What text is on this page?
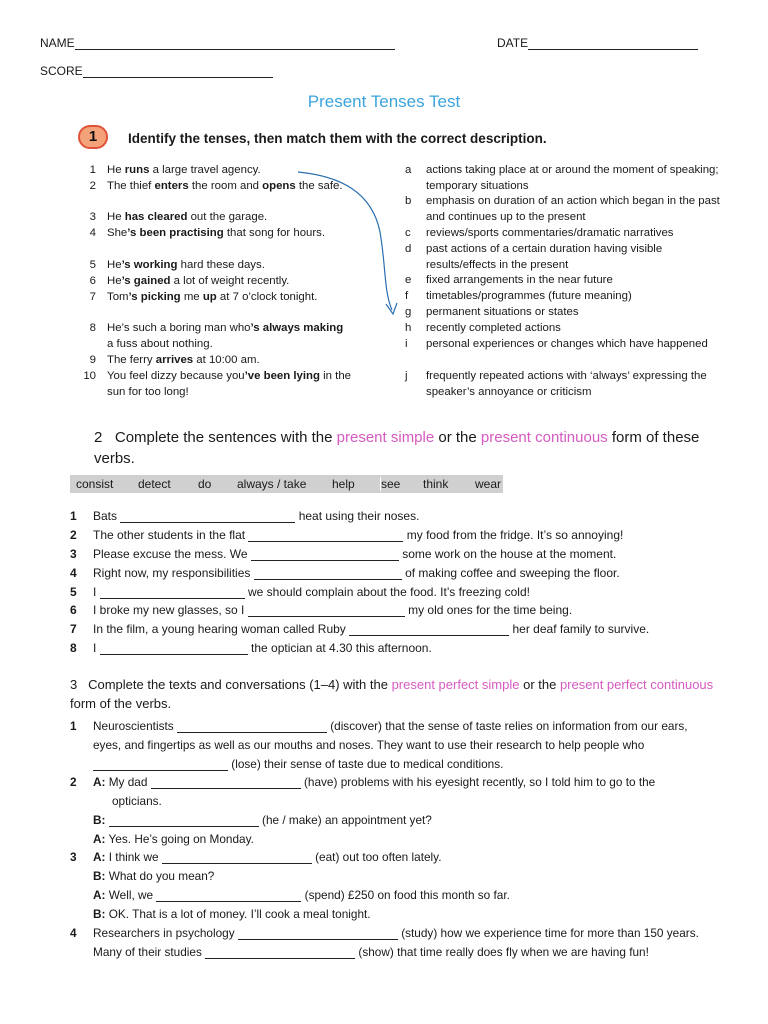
NAME	DATE
SCORE
Present Tenses Test
1	Identify the tenses, then match them with the correct description.
1 He runs a large travel agency.
2 The thief enters the room and opens the safe.
3 He has cleared out the garage.
4 She’s been practising that song for hours.
5 He’s working hard these days.
6 He’s gained a lot of weight recently.
7 Tom’s picking me up at 7 o’clock tonight.
8 He’s such a boring man who’s always making a fuss about nothing.
9 The ferry arrives at 10:00 am.
10 You feel dizzy because you’ve been lying in the sun for too long!
a	actions taking place at or around the moment of speaking; temporary situations
b	emphasis on duration of an action which began in the past and continues up to the present
c	reviews/sports commentaries/dramatic narratives
d	past actions of a certain duration having visible results/effects in the present
e	fixed arrangements in the near future
f	timetables/programmes (future meaning)
g	permanent situations or states
h	recently completed actions
i	personal experiences or changes which have happened
j	frequently repeated actions with ‘always’ expressing the speaker’s annoyance or criticism
2 Complete the sentences with the present simple or the present continuous form of these verbs.
consist detect do always / take help see think wear
1 Bats	heat using their noses.
2 The other students in the flat	my food from the fridge. It’s so annoying!
3 Please excuse the mess. We	some work on the house at the moment.
4 Right now, my responsibilities	of making coffee and sweeping the floor.
5 I	we should complain about the food. It’s freezing cold!
6 I broke my new glasses, so I	my old ones for the time being.
7 In the film, a young hearing woman called Ruby	her deaf family to survive.
8 I	the optician at 4.30 this afternoon.
3 Complete the texts and conversations (1–4) with the present perfect simple or the present perfect continuous form of the verbs.
1 Neuroscientists	(discover) that the sense of taste relies on information from our ears,
eyes, and fingertips as well as our mouths and noses. They want to use their research to help people who
(lose) their sense of taste due to medical conditions.
2 A: My dad	(have) problems with his eyesight recently, so I told him to go to the
opticians.
B:	(he / make) an appointment yet?
A: Yes. He’s going on Monday.
3 A: I think we	(eat) out too often lately.
B: What do you mean?
A: Well, we	(spend) £250 on food this month so far.
B: OK. That is a lot of money. I’ll cook a meal tonight.
4 Researchers in psychology	(study) how we experience time for more than 150 years.
Many of their studies	(show) that time really does fly when we are having fun!
